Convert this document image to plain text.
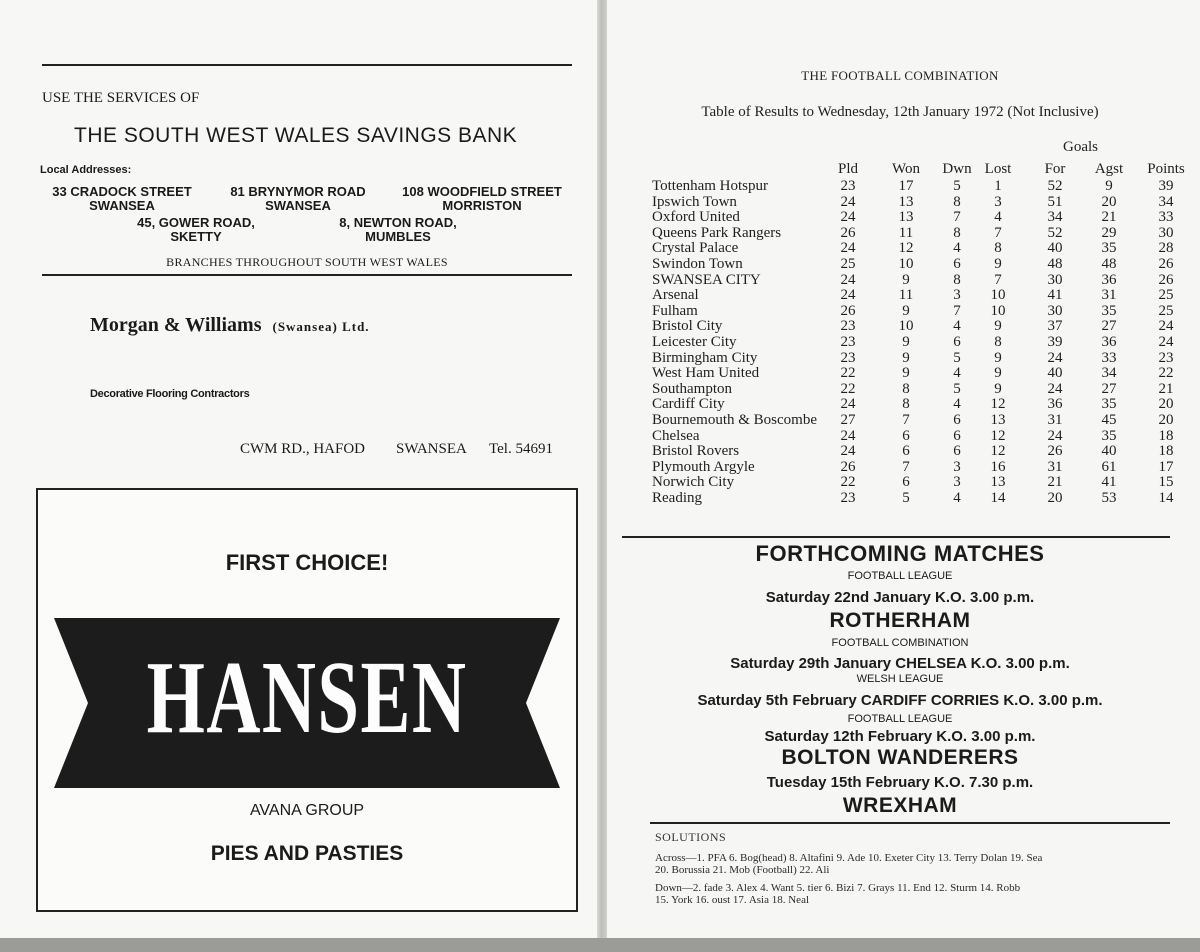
USE THE SERVICES OF
THE SOUTH WEST WALES SAVINGS BANK
Local Addresses:
33 CRADOCK STREET
SWANSEA
81 BRYNYMOR ROAD
SWANSEA
108 WOODFIELD STREET
MORRISTON
45, GOWER ROAD,
SKETTY
8, NEWTON ROAD,
MUMBLES
BRANCHES THROUGHOUT SOUTH WEST WALES
Morgan & Williams (Swansea) Ltd.
Decorative Flooring Contractors
CWM RD., HAFOD SWANSEA Tel. 54691
FIRST CHOICE!
HANSEN
AVANA GROUP
PIES AND PASTIES
THE FOOTBALL COMBINATION
Table of Results to Wednesday, 12th January 1972 (Not Inclusive)
Goals
Pld	Won	Dwn Lost	For	Agst	Points
Tottenham Hotspur	23	17	5	1	52	9	39
Ipswich Town	24	13	8	3	51	20	34
Oxford United	24	13	7	4	34	21	33
Queens Park Rangers	26	11	8	7	52	29	30
Crystal Palace	24	12	4	8	40	35	28
Swindon Town	25	10	6	9	48	48	26
SWANSEA CITY	24	9	8	7	30	36	26
Arsenal	24	11	3	10	41	31	25
Fulham	26	9	7	10	30	35	25
Bristol City	23	10	4	9	37	27	24
Leicester City	23	9	6	8	39	36	24
Birmingham City	23	9	5	9	24	33	23
West Ham United	22	9	4	9	40	34	22
Southampton	22	8	5	9	24	27	21
Cardiff City	24	8	4	12	36	35	20
Bournemouth & Boscombe	27	7	6	13	31	45	20
Chelsea	24	6	6	12	24	35	18
Bristol Rovers	24	6	6	12	26	40	18
Plymouth Argyle	26	7	3	16	31	61	17
Norwich City	22	6	3	13	21	41	15
Reading	23	5	4	14	20	53	14
FORTHCOMING MATCHES
FOOTBALL LEAGUE
Saturday 22nd January K.O. 3.00 p.m.
ROTHERHAM
FOOTBALL COMBINATION
Saturday 29th January CHELSEA K.O. 3.00 p.m.
WELSH LEAGUE
Saturday 5th February CARDIFF CORRIES K.O. 3.00 p.m.
FOOTBALL LEAGUE
Saturday 12th February K.O. 3.00 p.m.
BOLTON WANDERERS
Tuesday 15th February K.O. 7.30 p.m.
WREXHAM
SOLUTIONS
Across—1. PFA 6. Bog(head) 8. Altafini 9. Ade 10. Exeter City 13. Terry Dolan 19. Sea
20. Borussia 21. Mob (Football) 22. Ali
Down—2. fade 3. Alex 4. Want 5. tier 6. Bizi 7. Grays 11. End 12. Sturm 14. Robb
15. York 16. oust 17. Asia 18. Neal
